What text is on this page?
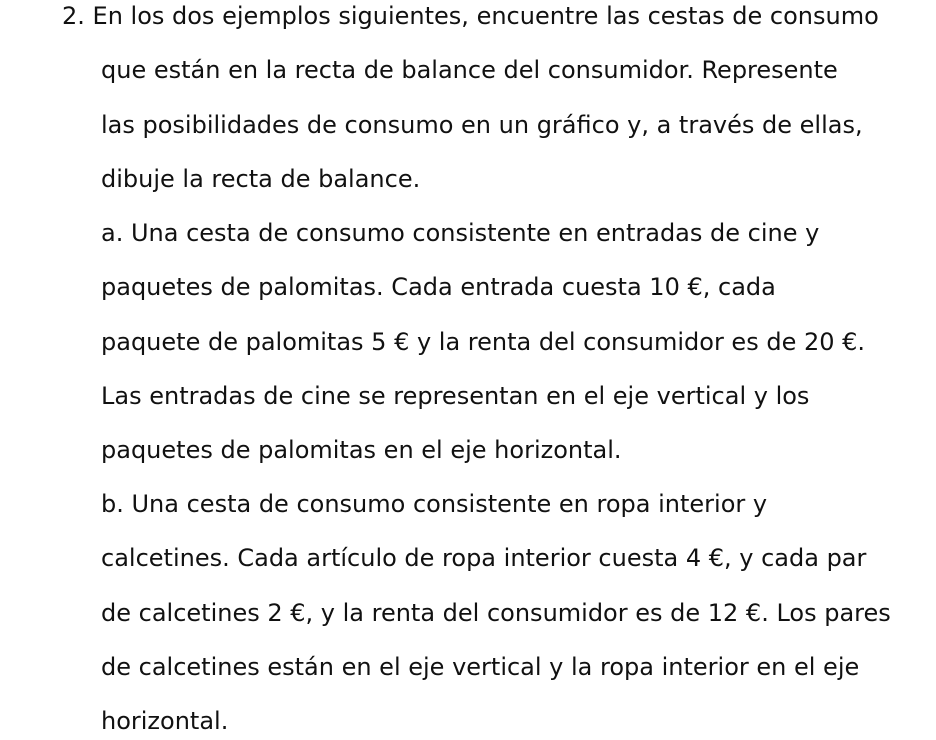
2. En los dos ejemplos siguientes, encuentre las cestas de consumo
que están en la recta de balance del consumidor. Represente
las posibilidades de consumo en un gráfico y, a través de ellas,
dibuje la recta de balance.
a. Una cesta de consumo consistente en entradas de cine y
paquetes de palomitas. Cada entrada cuesta 10 €, cada
paquete de palomitas 5 € y la renta del consumidor es de 20 €.
Las entradas de cine se representan en el eje vertical y los
paquetes de palomitas en el eje horizontal.
b. Una cesta de consumo consistente en ropa interior y
calcetines. Cada artículo de ropa interior cuesta 4 €, y cada par
de calcetines 2 €, y la renta del consumidor es de 12 €. Los pares
de calcetines están en el eje vertical y la ropa interior en el eje
horizontal.
